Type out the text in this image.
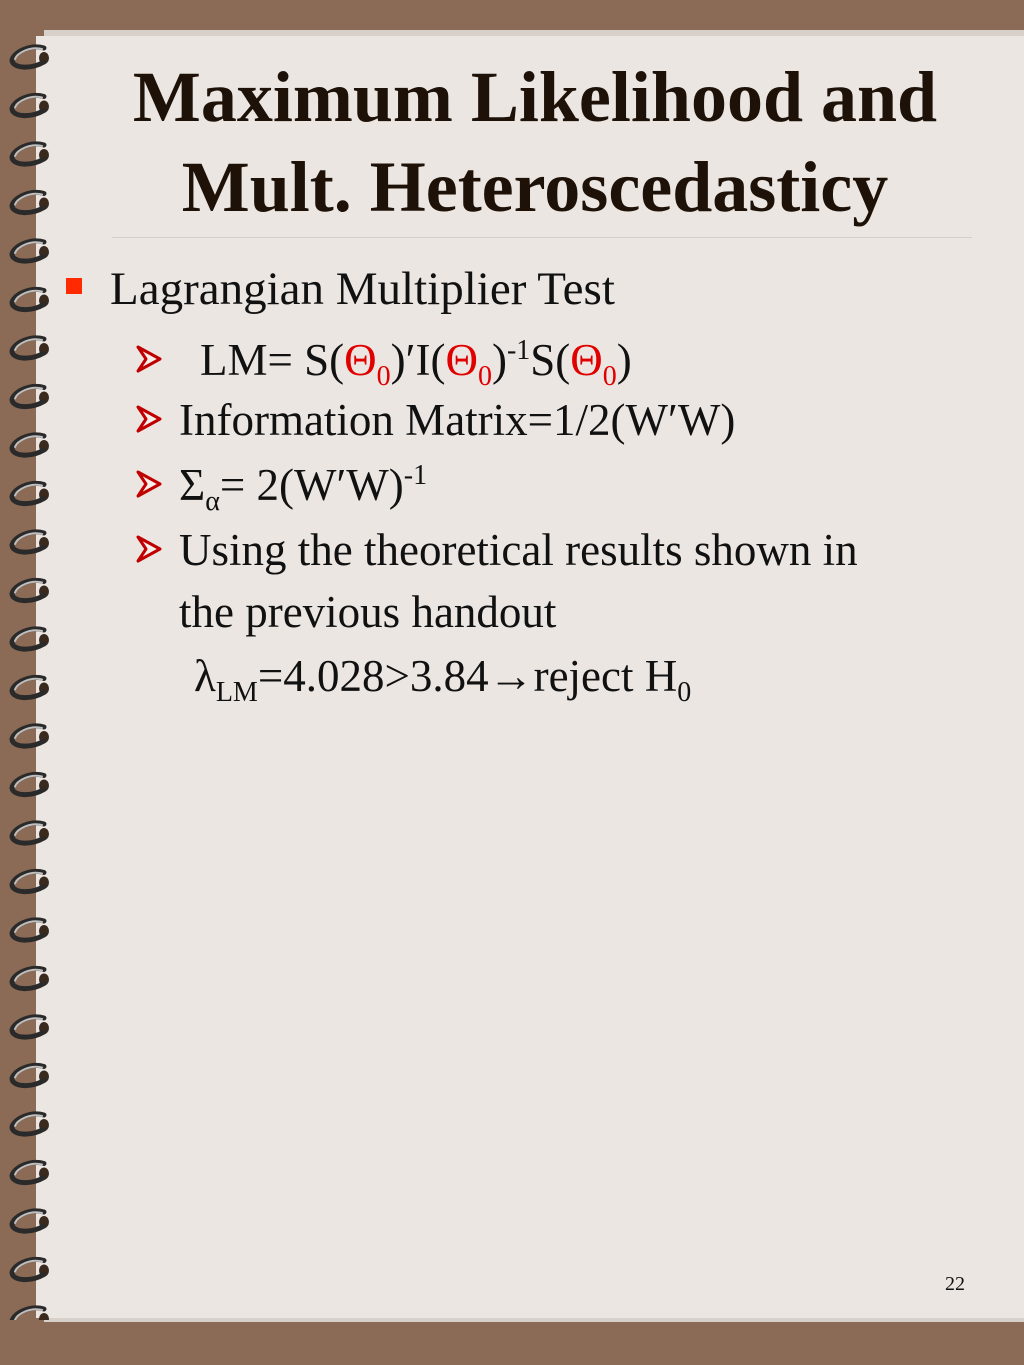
Maximum Likelihood and
Mult. Heteroscedasticy
Lagrangian Multiplier Test
$LM= S(\Theta_0)'I(\Theta_0)^{-1}S(\Theta_0)$
Information Matrix=1/2(W′W)
$\Sigma_\alpha= 2(W'W)^{-1}$
Using the theoretical results shown in
the previous handout
$\lambda_{LM}=4.028>3.84\to reject$ $H_0$
22
